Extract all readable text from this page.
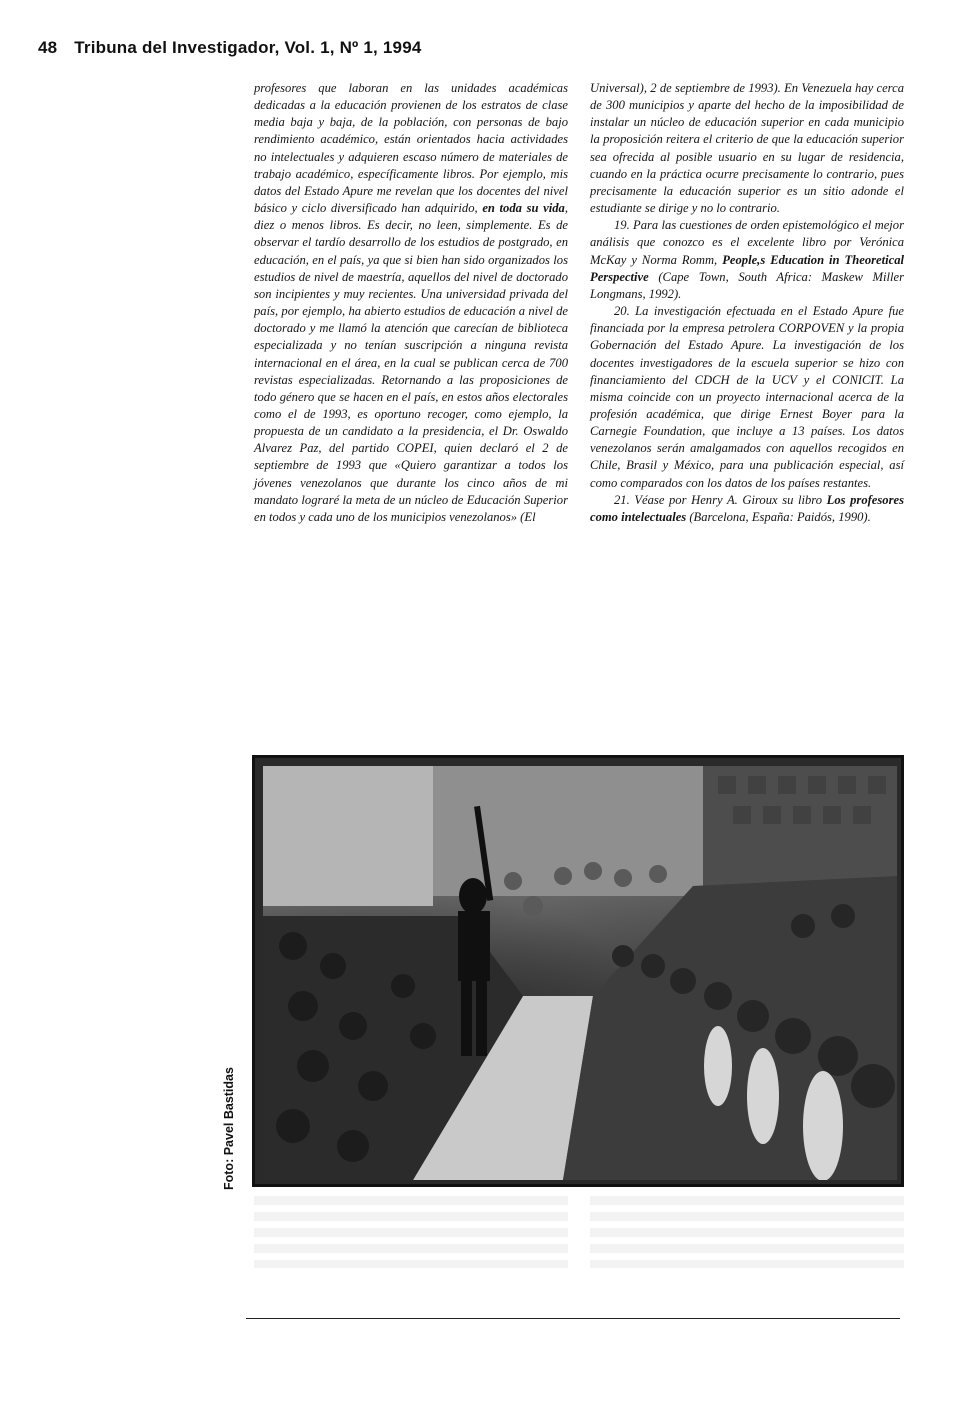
48 Tribuna del Investigador, Vol. 1, Nº 1, 1994

profesores que laboran en las unidades académicas dedicadas a la educación provienen de los estratos de clase media baja y baja, de la población, con personas de bajo rendimiento académico, están orientados hacia actividades no intelectuales y adquieren escaso número de materiales de trabajo académico, específicamente libros. Por ejemplo, mis datos del Estado Apure me revelan que los docentes del nivel básico y ciclo diversificado han adquirido, en toda su vida, diez o menos libros. Es decir, no leen, simplemente. Es de observar el tardío desarrollo de los estudios de postgrado, en educación, en el país, ya que si bien han sido organizados los estudios de nivel de maestría, aquellos del nivel de doctorado son incipientes y muy recientes. Una universidad privada del país, por ejemplo, ha abierto estudios de educación a nivel de doctorado y me llamó la atención que carecían de biblioteca especializada y no tenían suscripción a ninguna revista internacional en el área, en la cual se publican cerca de 700 revistas especializadas. Retornando a las proposiciones de todo género que se hacen en el país, en estos años electorales como el de 1993, es oportuno recoger, como ejemplo, la propuesta de un candidato a la presidencia, el Dr. Oswaldo Alvarez Paz, del partido COPEI, quien declaró el 2 de septiembre de 1993 que «Quiero garantizar a todos los jóvenes venezolanos que durante los cinco años de mi mandato lograré la meta de un núcleo de Educación Superior en todos y cada uno de los municipios venezolanos» (El

Universal), 2 de septiembre de 1993). En Venezuela hay cerca de 300 municipios y aparte del hecho de la imposibilidad de instalar un núcleo de educación superior en cada municipio la proposición reitera el criterio de que la educación superior sea ofrecida al posible usuario en su lugar de residencia, cuando en la práctica ocurre precisamente lo contrario, pues precisamente la educación superior es un sitio adonde el estudiante se dirige y no lo contrario.

19. Para las cuestiones de orden epistemológico el mejor análisis que conozco es el excelente libro por Verónica McKay y Norma Romm, People,s Education in Theoretical Perspective (Cape Town, South Africa: Maskew Miller Longmans, 1992).

20. La investigación efectuada en el Estado Apure fue financiada por la empresa petrolera CORPOVEN y la propia Gobernación del Estado Apure. La investigación de los docentes investigadores de la escuela superior se hizo con financiamiento del CDCH de la UCV y el CONICIT. La misma coincide con un proyecto internacional acerca de la profesión académica, que dirige Ernest Boyer para la Carnegie Foundation, que incluye a 13 países. Los datos venezolanos serán amalgamados con aquellos recogidos en Chile, Brasil y México, para una publicación especial, así como comparados con los datos de los países restantes.

21. Véase por Henry A. Giroux su libro Los profesores como intelectuales (Barcelona, España: Paidós, 1990).

Foto: Pavel Bastidas
